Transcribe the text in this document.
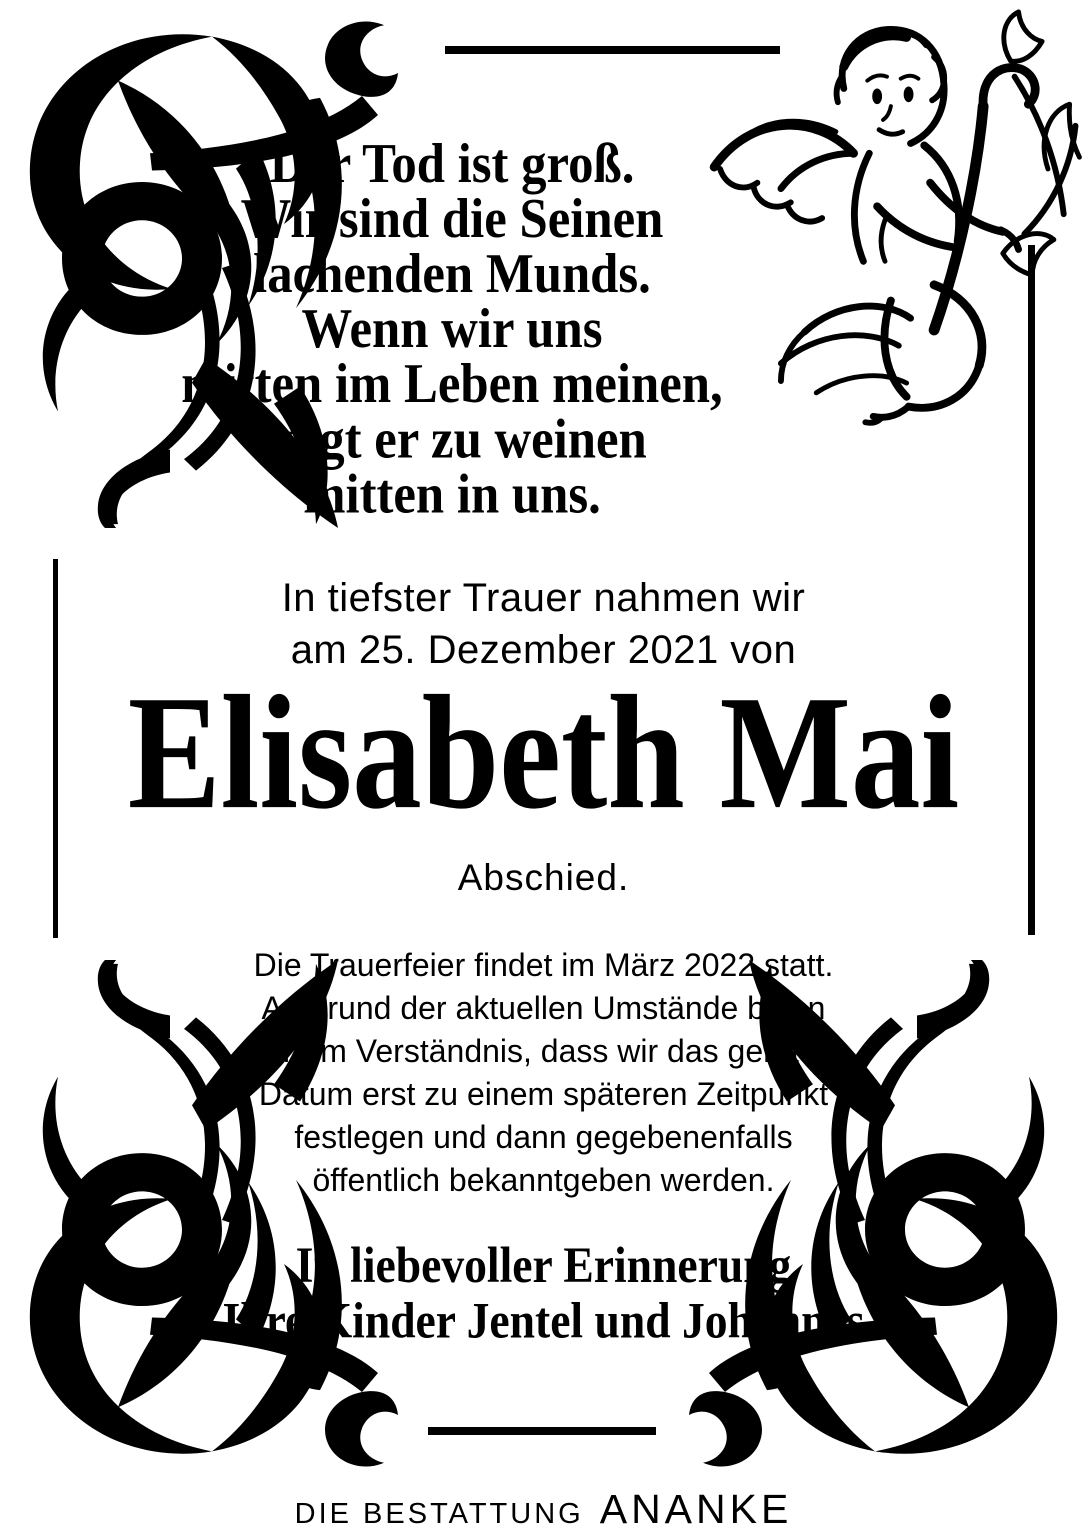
Der Tod ist groß.
Wir sind die Seinen
lachenden Munds.
Wenn wir uns
mitten im Leben meinen,
wagt er zu weinen
mitten in uns.
In tiefster Trauer nahmen wir
am 25. Dezember 2021 von
Elisabeth Mai
Abschied.
Die Trauerfeier findet im März 2022 statt.
Aufgrund der aktuellen Umstände bitten
wir um Verständnis, dass wir das genaue
Datum erst zu einem späteren Zeitpunkt
festlegen und dann gegebenenfalls
öffentlich bekanntgeben werden.
In liebevoller Erinnerung
Ihre Kinder Jentel und Johannes
DIE BESTATTUNG ANANKE
